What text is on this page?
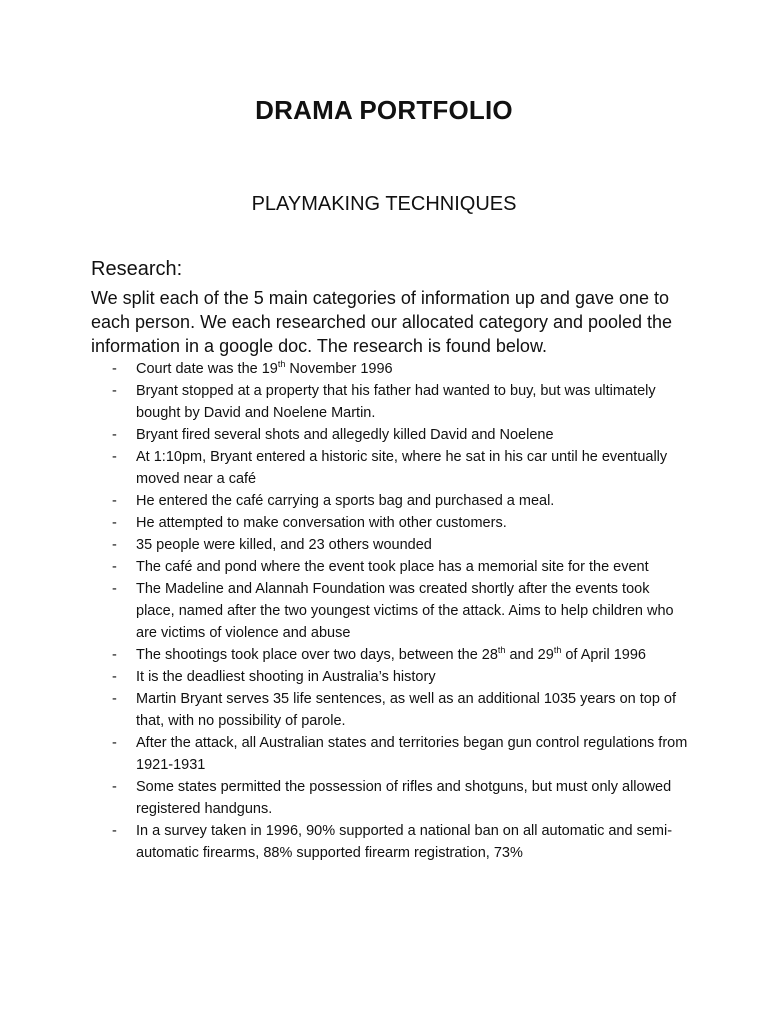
DRAMA PORTFOLIO
PLAYMAKING TECHNIQUES

Research:

We split each of the 5 main categories of information up and gave one to each person. We each researched our allocated category and pooled the information in a google doc. The research is found below.

- Court date was the 19th November 1996
- Bryant stopped at a property that his father had wanted to buy, but was ultimately bought by David and Noelene Martin.
- Bryant fired several shots and allegedly killed David and Noelene
- At 1:10pm, Bryant entered a historic site, where he sat in his car until he eventually moved near a café
- He entered the café carrying a sports bag and purchased a meal.
- He attempted to make conversation with other customers.
- 35 people were killed, and 23 others wounded
- The café and pond where the event took place has a memorial site for the event
- The Madeline and Alannah Foundation was created shortly after the events took place, named after the two youngest victims of the attack. Aims to help children who are victims of violence and abuse
- The shootings took place over two days, between the 28th and 29th of April 1996
- It is the deadliest shooting in Australia’s history
- Martin Bryant serves 35 life sentences, as well as an additional 1035 years on top of that, with no possibility of parole.
- After the attack, all Australian states and territories began gun control regulations from 1921-1931
- Some states permitted the possession of rifles and shotguns, but must only allowed registered handguns.
- In a survey taken in 1996, 90% supported a national ban on all automatic and semi-automatic firearms, 88% supported firearm registration, 73%
